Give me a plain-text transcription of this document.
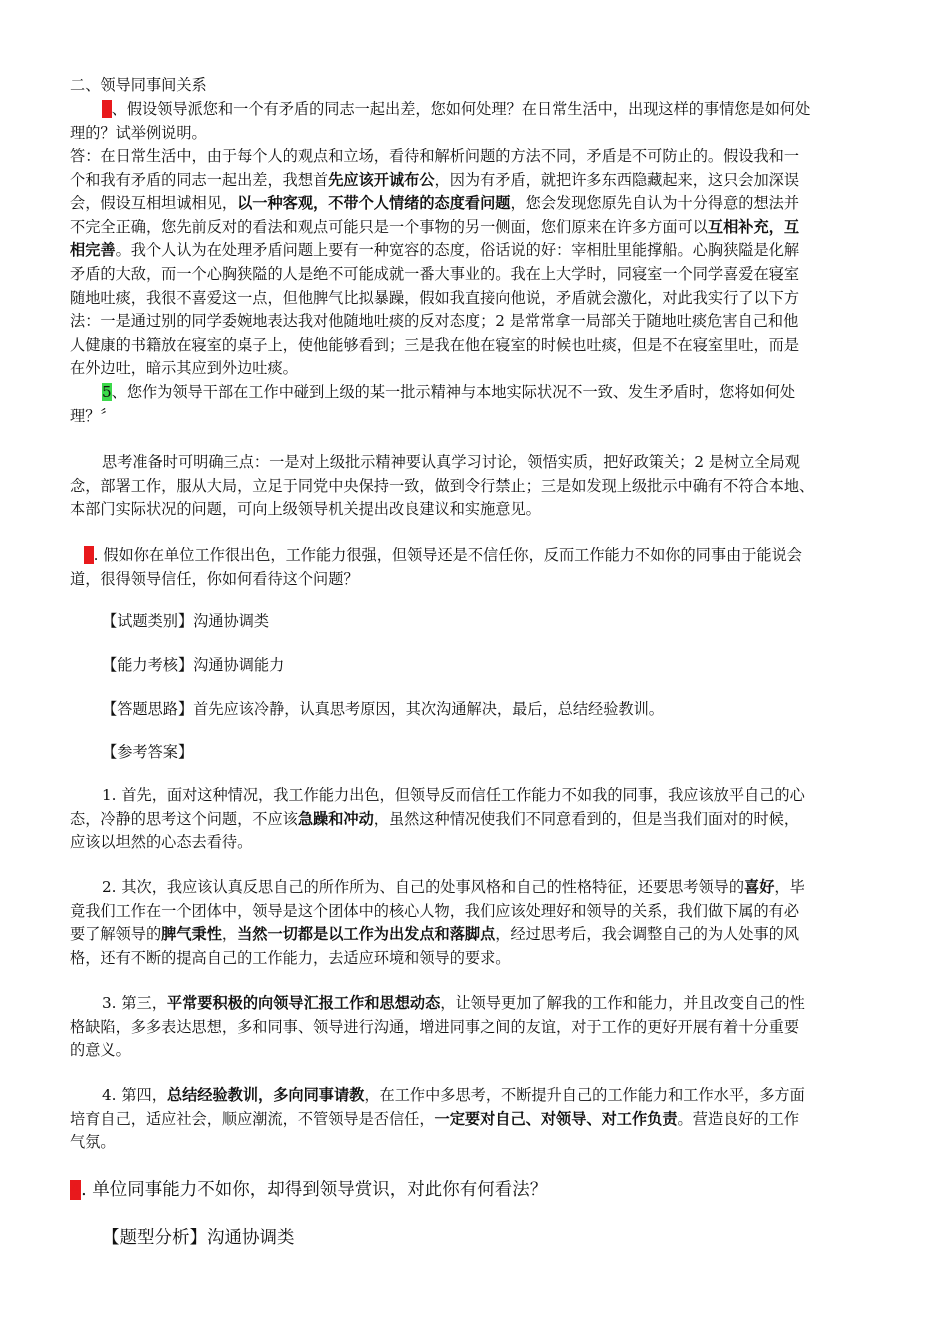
二、领导同事间关系

2、假设领导派您和一个有矛盾的同志一起出差，您如何处理？在日常生活中，出现这样的事情您是如何处
理的？试举例说明。

答：在日常生活中，由于每个人的观点和立场，看待和解析问题的方法不同，矛盾是不可防止的。假设我和一
个和我有矛盾的同志一起出差，我想首先应该开诚布公，因为有矛盾，就把许多东西隐藏起来，这只会加深误
会，假设互相坦诚相见，以一种客观，不带个人情绪的态度看问题，您会发现您原先自认为十分得意的想法并
不完全正确，您先前反对的看法和观点可能只是一个事物的另一侧面，您们原来在许多方面可以互相补充，互
相完善。我个人认为在处理矛盾问题上要有一种宽容的态度，俗话说的好：宰相肚里能撑船。心胸狭隘是化解
矛盾的大敌，而一个心胸狭隘的人是绝不可能成就一番大事业的。我在上大学时，同寝室一个同学喜爱在寝室
随地吐痰，我很不喜爱这一点，但他脾气比拟暴躁，假如我直接向他说，矛盾就会激化，对此我实行了以下方
法：一是通过别的同学委婉地表达我对他随地吐痰的反对态度；2 是常常拿一局部关于随地吐痰危害自己和他
人健康的书籍放在寝室的桌子上，使他能够看到；三是我在他在寝室的时候也吐痰，但是不在寝室里吐，而是
在外边吐，暗示其应到外边吐痰。

5、您作为领导干部在工作中碰到上级的某一批示精神与本地实际状况不一致、发生矛盾时，您将如何处
理？〞

思考准备时可明确三点：一是对上级批示精神要认真学习讨论，领悟实质，把好政策关；2 是树立全局观
念，部署工作，服从大局，立足于同党中央保持一致，做到令行禁止；三是如发现上级批示中确有不符合本地、
本部门实际状况的问题，可向上级领导机关提出改良建议和实施意见。

3. 假如你在单位工作很出色，工作能力很强，但领导还是不信任你，反而工作能力不如你的同事由于能说会
道，很得领导信任，你如何看待这个问题？

【试题类别】沟通协调类

【能力考核】沟通协调能力

【答题思路】首先应该冷静，认真思考原因，其次沟通解决，最后，总结经验教训。

【参考答案】

1. 首先，面对这种情况，我工作能力出色，但领导反而信任工作能力不如我的同事，我应该放平自己的心
态，冷静的思考这个问题，不应该急躁和冲动，虽然这种情况使我们不同意看到的，但是当我们面对的时候，
应该以坦然的心态去看待。

2. 其次，我应该认真反思自己的所作所为、自己的处事风格和自己的性格特征，还要思考领导的喜好，毕
竟我们工作在一个团体中，领导是这个团体中的核心人物，我们应该处理好和领导的关系，我们做下属的有必
要了解领导的脾气秉性，当然一切都是以工作为出发点和落脚点，经过思考后，我会调整自己的为人处事的风
格，还有不断的提高自己的工作能力，去适应环境和领导的要求。

3. 第三，平常要积极的向领导汇报工作和思想动态，让领导更加了解我的工作和能力，并且改变自己的性
格缺陷，多多表达思想，多和同事、领导进行沟通，增进同事之间的友谊，对于工作的更好开展有着十分重要
的意义。

4. 第四，总结经验教训，多向同事请教，在工作中多思考，不断提升自己的工作能力和工作水平，多方面
培育自己，适应社会，顺应潮流，不管领导是否信任，一定要对自己、对领导、对工作负责。营造良好的工作
气氛。

4. 单位同事能力不如你，却得到领导赏识，对此你有何看法？

【题型分析】沟通协调类
